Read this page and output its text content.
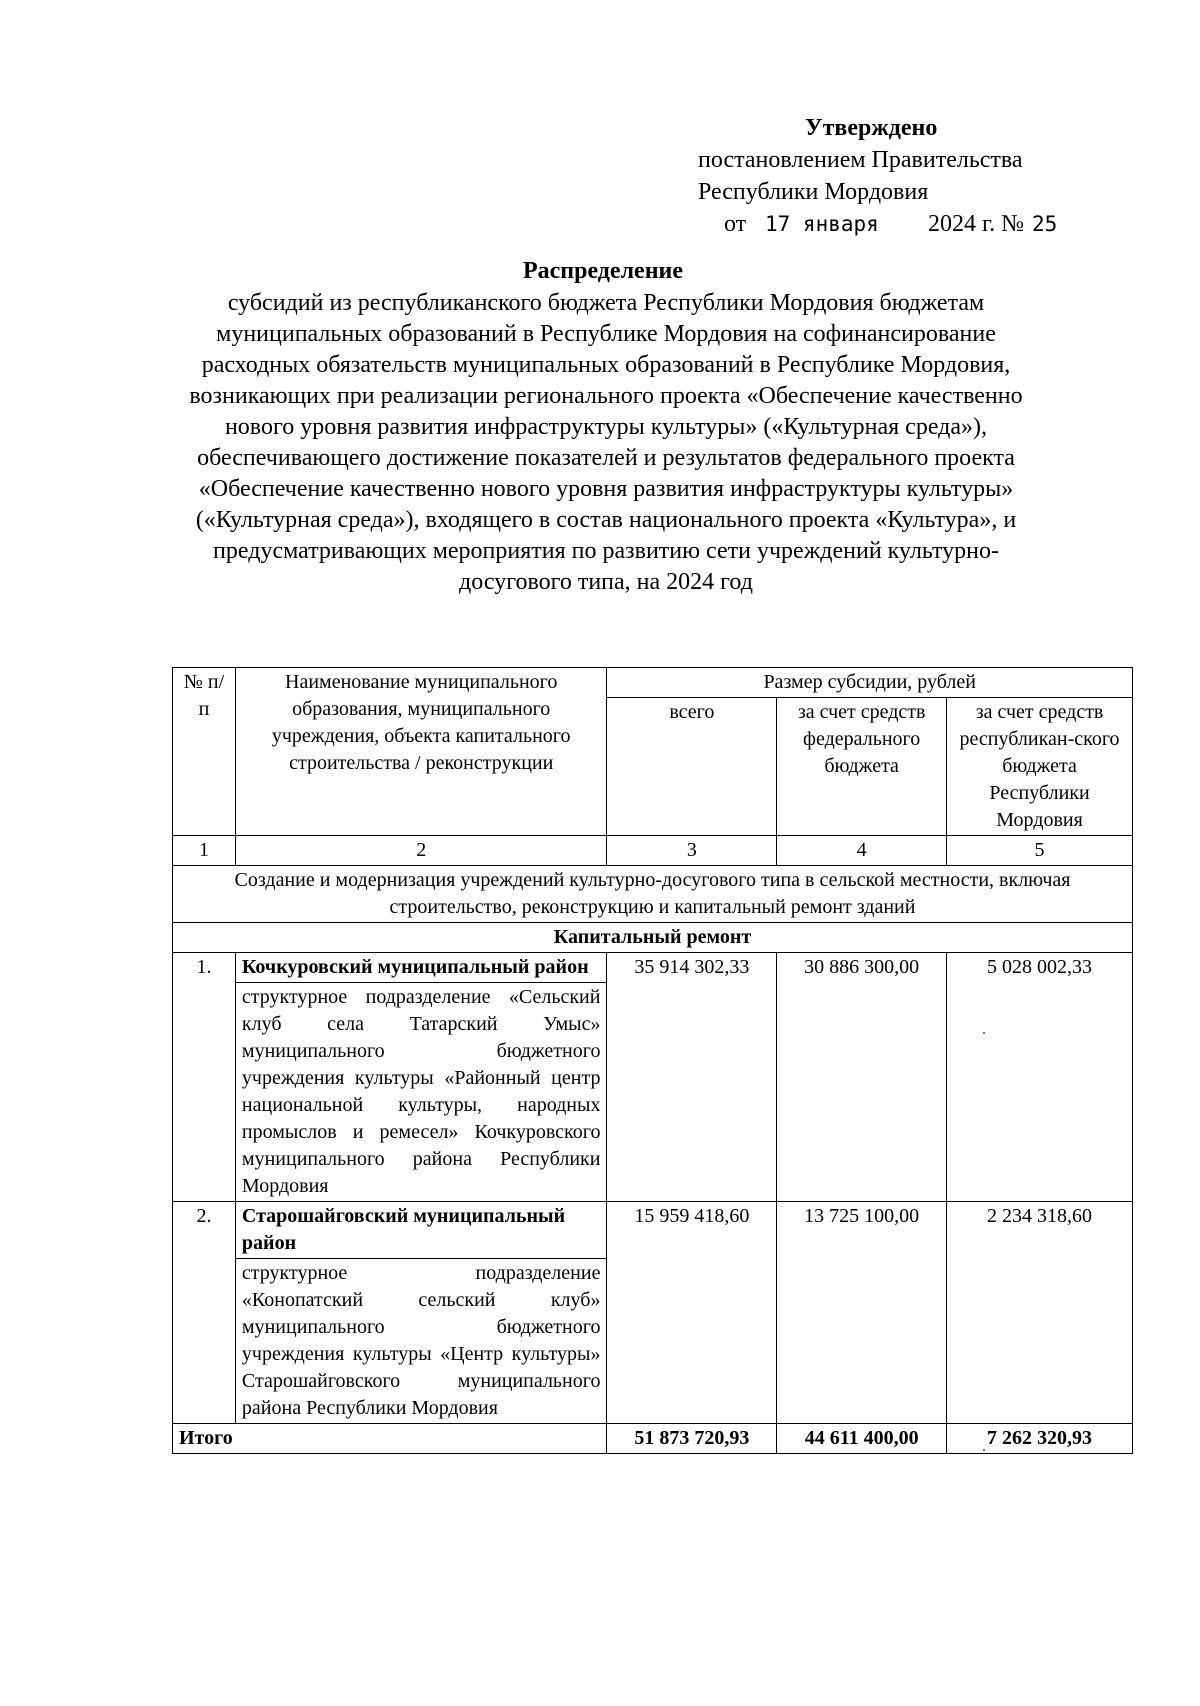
Утверждено
постановлением Правительства
Республики Мордовия
от 17 января 2024 г. № 25
Распределение
субсидий из республиканского бюджета Республики Мордовия бюджетам муниципальных образований в Республике Мордовия на софинансирование расходных обязательств муниципальных образований в Республике Мордовия, возникающих при реализации регионального проекта «Обеспечение качественно нового уровня развития инфраструктуры культуры» («Культурная среда»), обеспечивающего достижение показателей и результатов федерального проекта «Обеспечение качественно нового уровня развития инфраструктуры культуры» («Культурная среда»), входящего в состав национального проекта «Культура», и предусматривающих мероприятия по развитию сети учреждений культурно-досугового типа, на 2024 год
№ п/п	Наименование муниципального образования, муниципального учреждения, объекта капитального строительства / реконструкции	Размер субсидии, рублей		
		всего	за счет средств федерального бюджета	за счет средств республикан-ского бюджета Республики Мордовия
1	2	3	4	5
Создание и модернизация учреждений культурно-досугового типа в сельской местности, включая строительство, реконструкцию и капитальный ремонт зданий				
Капитальный ремонт				
1.	Кочкуровский муниципальный район	35 914 302,33	30 886 300,00	5 028 002,33
	структурное подразделение «Сельский клуб села Татарский Умыс» муниципального бюджетного учреждения культуры «Районный центр национальной культуры, народных промыслов и ремесел» Кочкуровского муниципального района Республики Мордовия			
2.	Старошайговский муниципальный район	15 959 418,60	13 725 100,00	2 234 318,60
	структурное подразделение «Конопатский сельский клуб» муниципального бюджетного учреждения культуры «Центр культуры» Старошайговского муниципального района Республики Мордовия			
Итого		51 873 720,93	44 611 400,00	7 262 320,93
